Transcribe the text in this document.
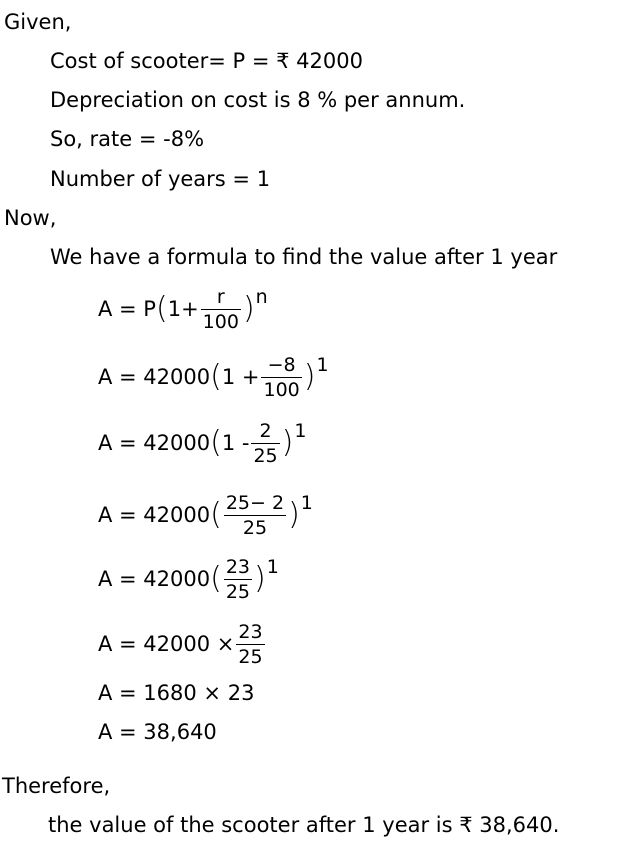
Given,
Cost of scooter= P = ₹ 42000
Depreciation on cost is 8 % per annum.
So, rate = -8%
Number of years = 1
Now,
We have a formula to find the value after 1 year
A = P ( $1+ \frac{r}{100}$ ) n
A = 42000 ( $1 + \frac{-8}{100}$ ) 1
A = 42000 ( $1 - \frac{2}{25}$ ) 1
A = 42000 ( $\frac{25- 2}{25}$ ) 1
A = 42000 ( $\frac{23}{25}$ ) 1
$A = 42000 \times \frac{23}{25}$
A = 1680 × 23
A = 38,640
Therefore,
the value of the scooter after 1 year is ₹ 38,640.
